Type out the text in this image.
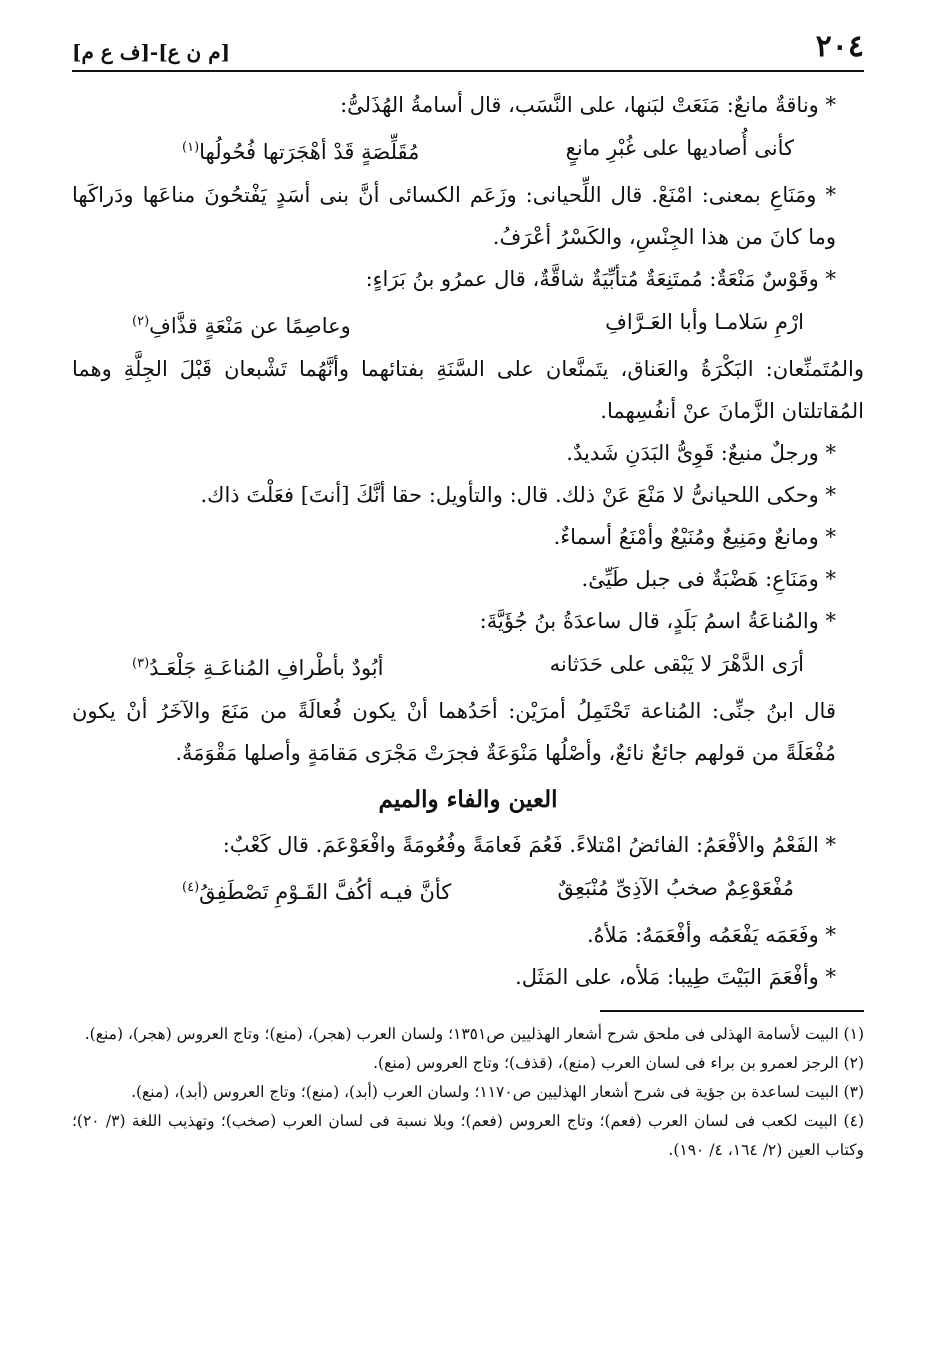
٢٠٤
[م ن ع]-[ف ع م]

* وناقةٌ مانعٌ: مَنَعَتْ لبَنها، على النَّسَب، قال أسامةُ الهُذَلىُّ:

كأنى أُصاديها على غُبْرِ مانعٍ
مُقَلِّصَةٍ قَدْ أهْجَرَتها فُحُولُها$^{(١)}$

* ومَنَاعِ بمعنى: امْنَعْ. قال اللِّحيانى: وزَعَم الكسائى أنَّ بنى أسَدٍ يَفْتحُونَ مناعَها ودَراكَها وما كانَ من هذا الجِنْسِ، والكَسْرُ أعْرَفُ.

* وقَوْسٌ مَنْعَةٌ: مُمتَنِعَةٌ مُتأبِّيَةٌ شاقَّةٌ، قال عمرُو بنُ بَرَاءٍ:

ارْمِ سَلامـا وأبا العَـرَّافِ
وعاصِمًا عن مَنْعَةٍ قذَّافِ$^{(٢)}$

والمُتَمنِّعان: البَكْرَةُ والعَناق، يتَمنَّعان على السَّنَةِ بفتائهما وأنَّهُما تَشْبعان قَبْلَ الجِلَّةِ وهما المُقاتلتان الزَّمانَ عنْ أنفُسِهما.

* ورجلٌ منيعٌ: قَوِىُّ البَدَنِ شَديدٌ.

* وحكى اللحيانىُّ لا مَنْعَ عَنْ ذلك. قال: والتأويل: حقا أنَّكَ [أنتَ] فعَلْتَ ذاك.

* ومانعٌ ومَنِيعٌ ومُنَيْعٌ وأمْنَعُ أسماءٌ.

* ومَنَاعِ: هَضْبَةٌ فى جبل طَيِّئ.

* والمُناعَةُ اسمُ بَلَدٍ، قال ساعدَةُ بنُ جُؤَيَّةَ:

أرَى الدَّهْرَ لا يَبْقى على حَدَثانه
أبُودٌ بأطْرافِ المُناعَـةِ جَلْعَـدُ$^{(٣)}$

قال ابنُ جنِّى: المُناعة تَحْتَمِلُ أمرَيْن: أحَدُهما أنْ يكون فُعالَةً من مَنَعَ والآخَرُ أنْ يكون مُفْعَلَةً من قولهم جائعٌ نائعٌ، وأصْلُها مَنْوَعَةٌ فجرَتْ مَجْرَى مَقامَةٍ وأصلها مَقْوَمَةٌ.

العين والفاء والميم

* الفَعْمُ والأفْعَمُ: الفائضُ امْتلاءً. فَعُمَ فَعامَةً وفُعُومَةً وافْعَوْعَمَ. قال كَعْبٌ:

مُفْعَوْعِمٌ صخبُ الآذِىِّ مُنْبَعِقٌ
كأنَّ فيـه أكُفَّ القَـوْمِ تَصْطَفِقُ$^{(٤)}$

* وفَعَمَه يَفْعَمُه وأفْعَمَهُ: مَلأهُ.

* وأفْعَمَ البَيْتَ طِيبا: مَلأه، على المَثَل.

(١) البيت لأسامة الهذلى فى ملحق شرح أشعار الهذليين ص١٣٥١؛ ولسان العرب (هجر)، (منع)؛ وتاج العروس (هجر)، (منع).

(٢) الرجز لعمرو بن براء فى لسان العرب (منع)، (قذف)؛ وتاج العروس (منع).

(٣) البيت لساعدة بن جؤية فى شرح أشعار الهذليين ص١١٧٠؛ ولسان العرب (أبد)، (منع)؛ وتاج العروس (أبد)، (منع).

(٤) البيت لكعب فى لسان العرب (فعم)؛ وتاج العروس (فعم)؛ وبلا نسبة فى لسان العرب (صخب)؛ وتهذيب اللغة (٣/ ٢٠)؛ وكتاب العين (٢/ ١٦٤، ٤/ ١٩٠).
